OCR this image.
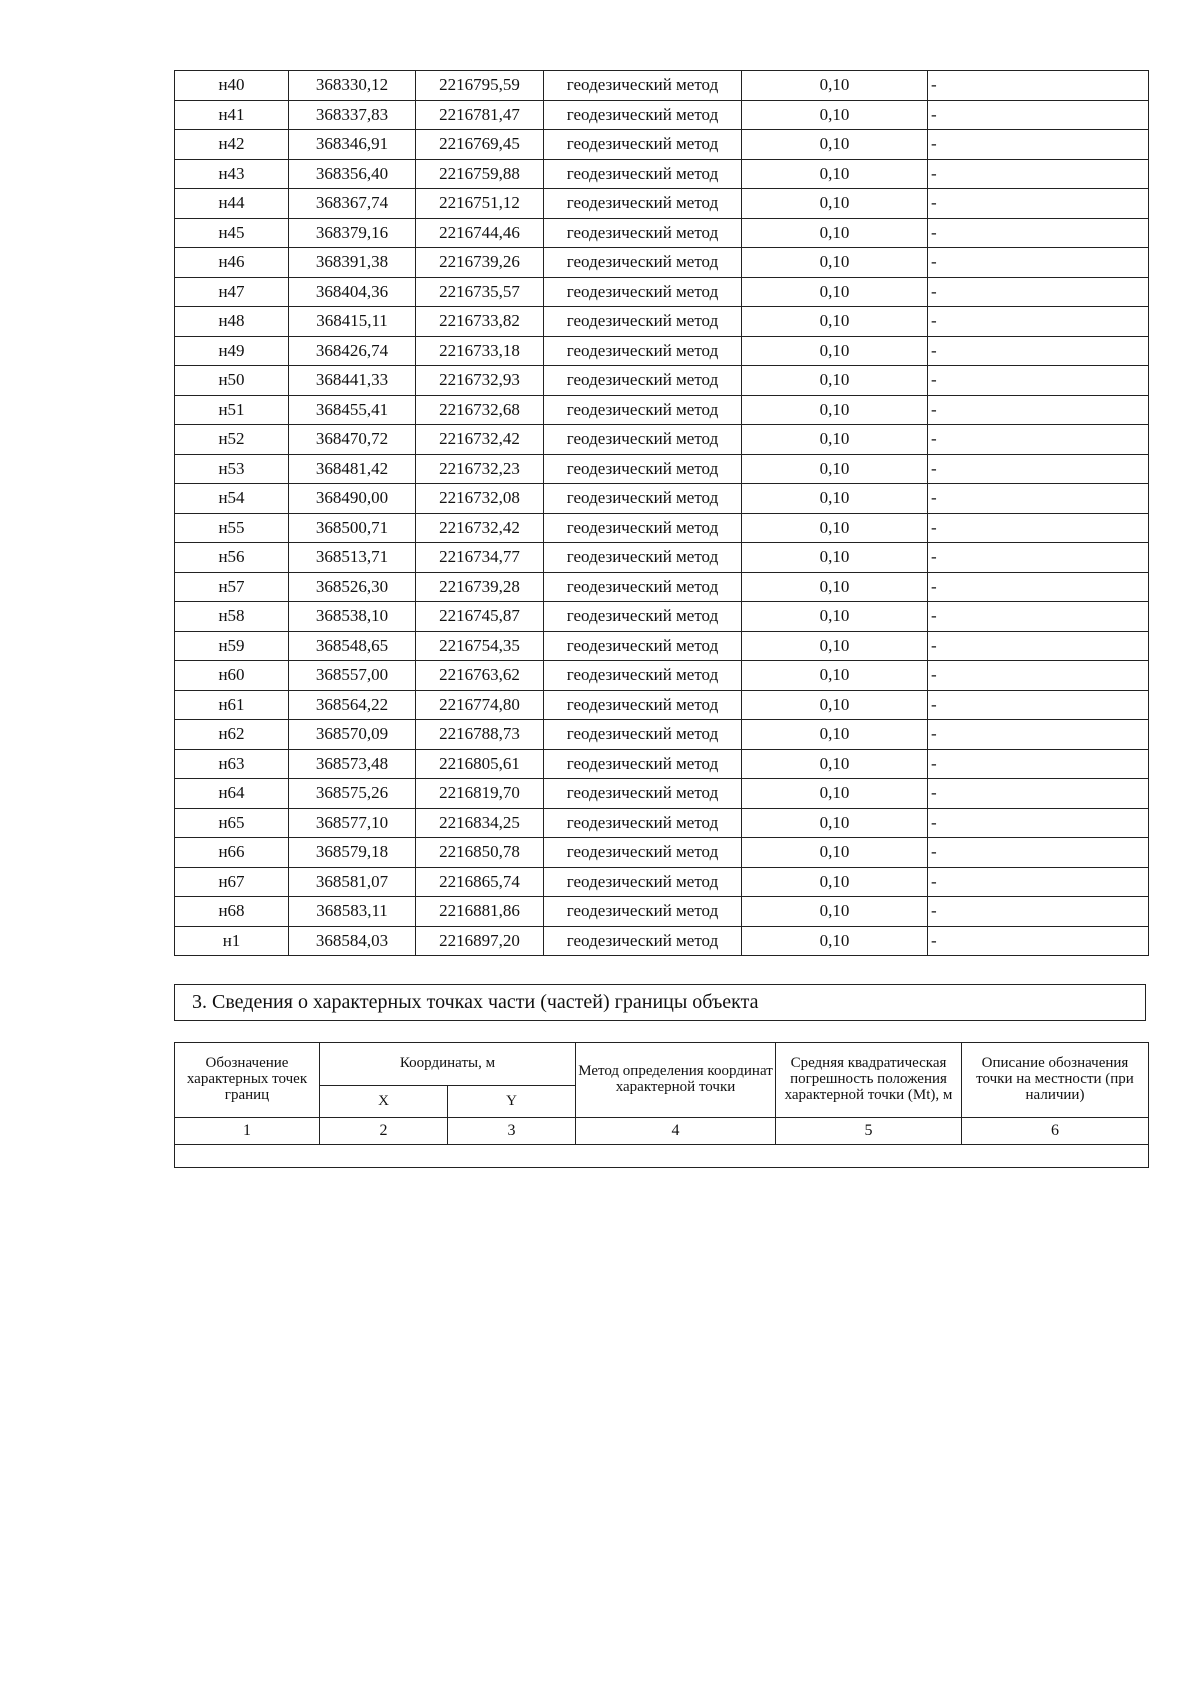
н40	368330,12	2216795,59	геодезический метод	0,10	-
н41	368337,83	2216781,47	геодезический метод	0,10	-
н42	368346,91	2216769,45	геодезический метод	0,10	-
н43	368356,40	2216759,88	геодезический метод	0,10	-
н44	368367,74	2216751,12	геодезический метод	0,10	-
н45	368379,16	2216744,46	геодезический метод	0,10	-
н46	368391,38	2216739,26	геодезический метод	0,10	-
н47	368404,36	2216735,57	геодезический метод	0,10	-
н48	368415,11	2216733,82	геодезический метод	0,10	-
н49	368426,74	2216733,18	геодезический метод	0,10	-
н50	368441,33	2216732,93	геодезический метод	0,10	-
н51	368455,41	2216732,68	геодезический метод	0,10	-
н52	368470,72	2216732,42	геодезический метод	0,10	-
н53	368481,42	2216732,23	геодезический метод	0,10	-
н54	368490,00	2216732,08	геодезический метод	0,10	-
н55	368500,71	2216732,42	геодезический метод	0,10	-
н56	368513,71	2216734,77	геодезический метод	0,10	-
н57	368526,30	2216739,28	геодезический метод	0,10	-
н58	368538,10	2216745,87	геодезический метод	0,10	-
н59	368548,65	2216754,35	геодезический метод	0,10	-
н60	368557,00	2216763,62	геодезический метод	0,10	-
н61	368564,22	2216774,80	геодезический метод	0,10	-
н62	368570,09	2216788,73	геодезический метод	0,10	-
н63	368573,48	2216805,61	геодезический метод	0,10	-
н64	368575,26	2216819,70	геодезический метод	0,10	-
н65	368577,10	2216834,25	геодезический метод	0,10	-
н66	368579,18	2216850,78	геодезический метод	0,10	-
н67	368581,07	2216865,74	геодезический метод	0,10	-
н68	368583,11	2216881,86	геодезический метод	0,10	-
н1	368584,03	2216897,20	геодезический метод	0,10	-
3. Сведения о характерных точках части (частей) границы объекта
Обозначение характерных точек границ	Координаты, м		Метод определения координат характерной точки	Средняя квадратическая погрешность положения характерной точки (Mt), м	Описание обозначения точки на местности (при наличии)
	X	Y			
1	2	3	4	5	6
